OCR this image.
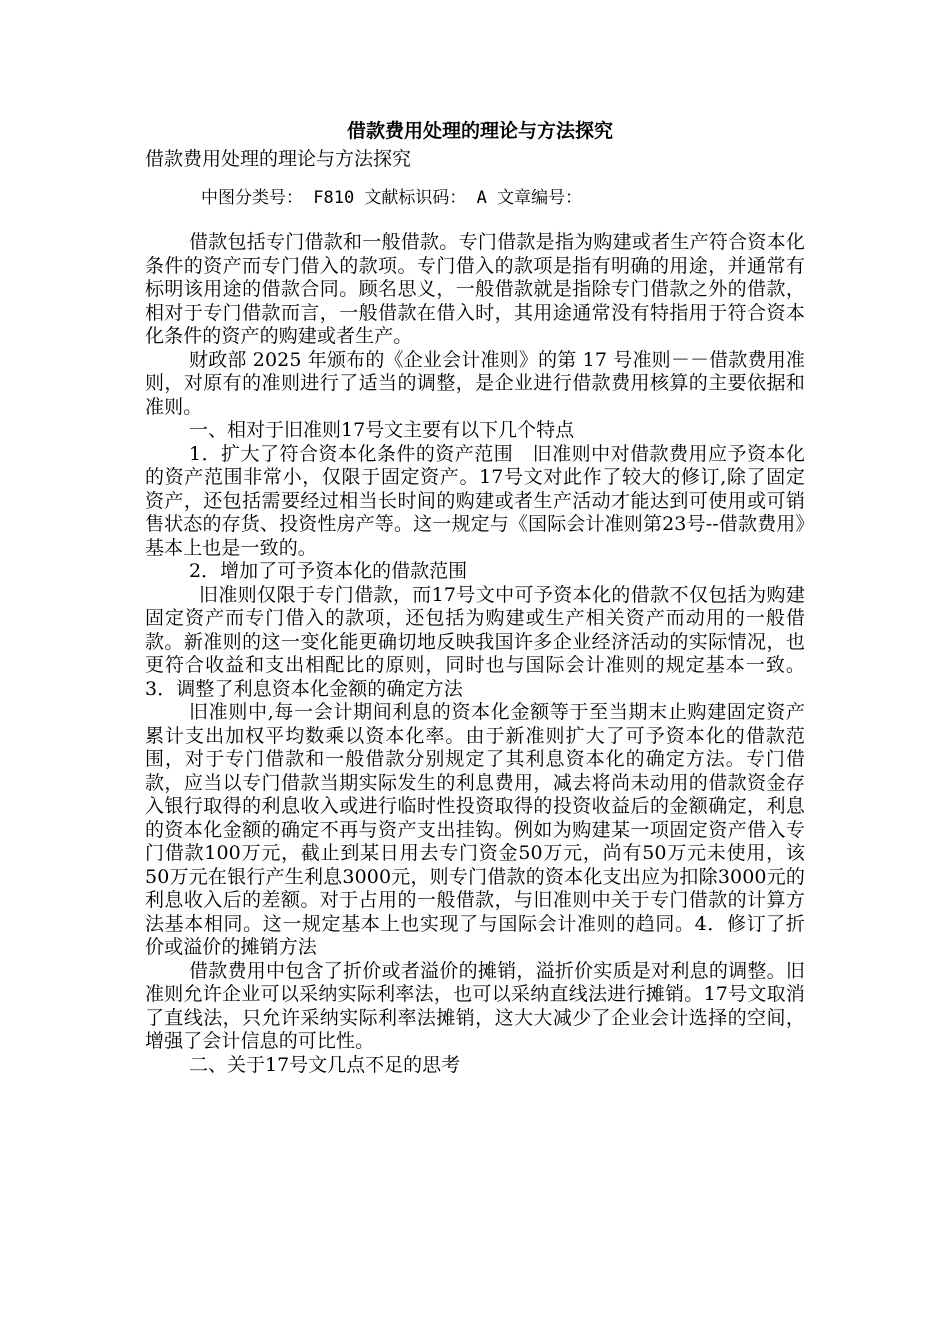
借款费用处理的理论与方法探究

借款费用处理的理论与方法探究

中图分类号： F810 文献标识码： A 文章编号：

借款包括专门借款和一般借款。专门借款是指为购建或者生产符合资本化条件的资产而专门借入的款项。专门借入的款项是指有明确的用途，并通常有标明该用途的借款合同。顾名思义，一般借款就是指除专门借款之外的借款，相对于专门借款而言，一般借款在借入时，其用途通常没有特指用于符合资本化条件的资产的购建或者生产。

财政部 2025 年颁布的《企业会计准则》的第 17 号准则－－借款费用准则，对原有的准则进行了适当的调整，是企业进行借款费用核算的主要依据和准则。

一、相对于旧准则17号文主要有以下几个特点

1．扩大了符合资本化条件的资产范围　旧准则中对借款费用应予资本化的资产范围非常小，仅限于固定资产。17号文对此作了较大的修订,除了固定资产，还包括需要经过相当长时间的购建或者生产活动才能达到可使用或可销售状态的存货、投资性房产等。这一规定与《国际会计准则第23号--借款费用》基本上也是一致的。

2．增加了可予资本化的借款范围

旧准则仅限于专门借款，而17号文中可予资本化的借款不仅包括为购建固定资产而专门借入的款项，还包括为购建或生产相关资产而动用的一般借款。新准则的这一变化能更确切地反映我国许多企业经济活动的实际情况，也更符合收益和支出相配比的原则，同时也与国际会计准则的规定基本一致。3．调整了利息资本化金额的确定方法

旧准则中,每一会计期间利息的资本化金额等于至当期末止购建固定资产累计支出加权平均数乘以资本化率。由于新准则扩大了可予资本化的借款范围，对于专门借款和一般借款分别规定了其利息资本化的确定方法。专门借款，应当以专门借款当期实际发生的利息费用，减去将尚未动用的借款资金存入银行取得的利息收入或进行临时性投资取得的投资收益后的金额确定，利息的资本化金额的确定不再与资产支出挂钩。例如为购建某一项固定资产借入专门借款100万元，截止到某日用去专门资金50万元，尚有50万元未使用，该50万元在银行产生利息3000元，则专门借款的资本化支出应为扣除3000元的利息收入后的差额。对于占用的一般借款，与旧准则中关于专门借款的计算方法基本相同。这一规定基本上也实现了与国际会计准则的趋同。4．修订了折价或溢价的摊销方法

借款费用中包含了折价或者溢价的摊销，溢折价实质是对利息的调整。旧准则允许企业可以采纳实际利率法，也可以采纳直线法进行摊销。17号文取消了直线法，只允许采纳实际利率法摊销，这大大减少了企业会计选择的空间，增强了会计信息的可比性。

二、关于17号文几点不足的思考
